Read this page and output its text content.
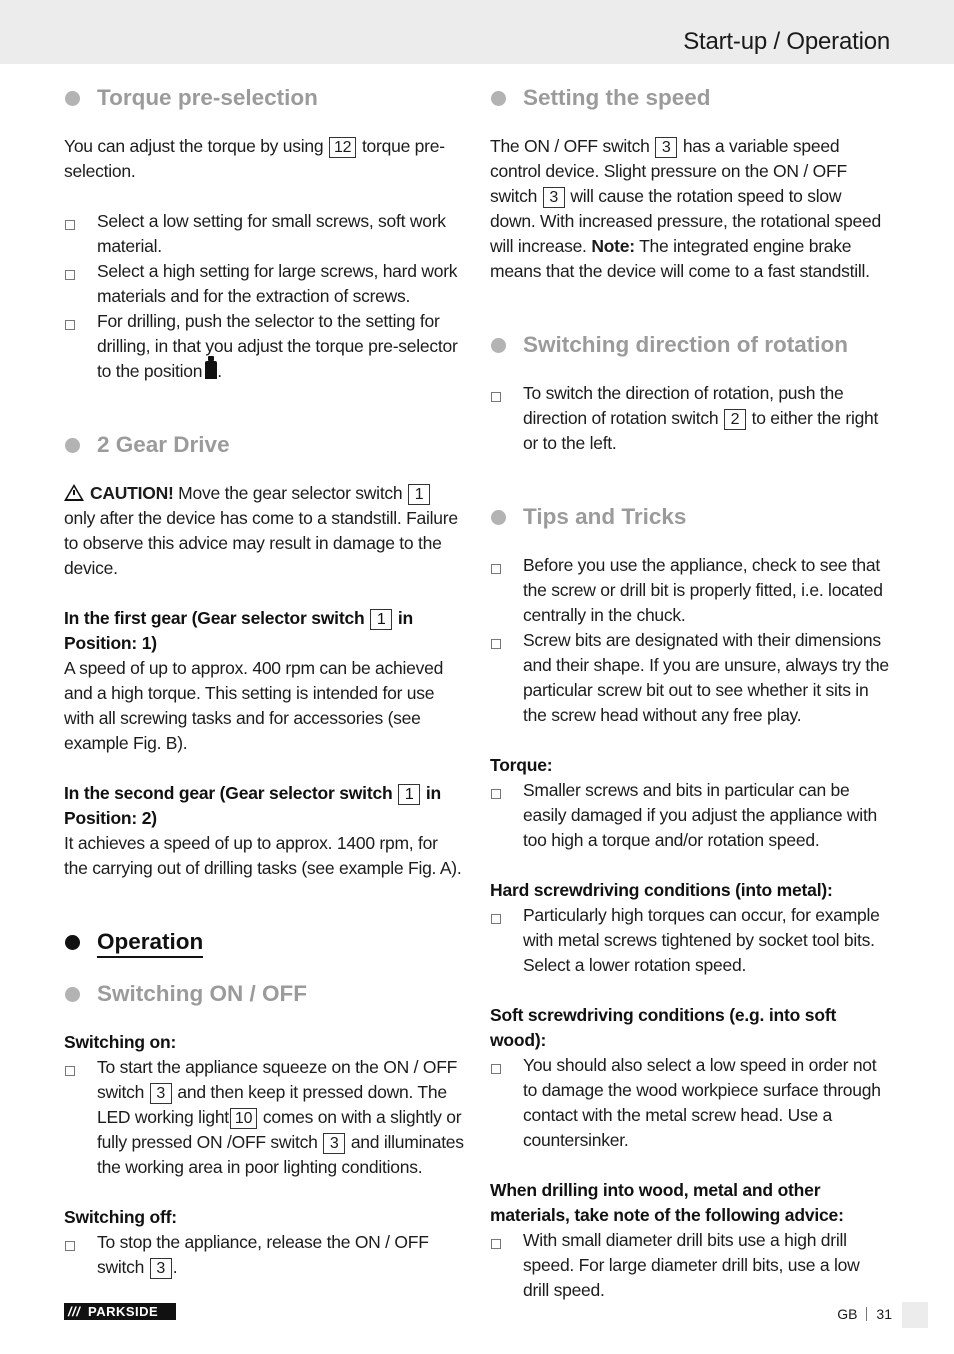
Start-up / Operation
Torque pre-selection

You can adjust the torque by using 12 torque pre-selection.

Select a low setting for small screws, soft work material.
Select a high setting for large screws, hard work materials and for the extraction of screws.
For drilling, push the selector to the setting for drilling, in that you adjust the torque pre-selector to the position .
2 Gear Drive

CAUTION! Move the gear selector switch 1 only after the device has come to a standstill. Failure to observe this advice may result in damage to the device.

In the first gear (Gear selector switch 1 in Position: 1)

A speed of up to approx. 400 rpm can be achieved and a high torque. This setting is intended for use with all screwing tasks and for accessories (see example Fig. B).

In the second gear (Gear selector switch 1 in Position: 2)

It achieves a speed of up to approx. 1400 rpm, for the carrying out of drilling tasks (see example Fig. A).

Operation
Switching ON / OFF

Switching on:

To start the appliance squeeze on the ON / OFF switch 3 and then keep it pressed down. The LED working light 10 comes on with a slightly or fully pressed ON /OFF switch 3 and illuminates the working area in poor lighting conditions.

Switching off:

To stop the appliance, release the ON / OFF switch 3 .
Setting the speed

The ON / OFF switch 3 has a variable speed control device. Slight pressure on the ON / OFF switch 3 will cause the rotation speed to slow down. With increased pressure, the rotational speed will increase. Note: The integrated engine brake means that the device will come to a fast standstill.

Switching direction of rotation
To switch the direction of rotation, push the direction of rotation switch 2 to either the right or to the left.
Tips and Tricks
Before you use the appliance, check to see that the screw or drill bit is properly fitted, i.e. located centrally in the chuck.
Screw bits are designated with their dimensions and their shape. If you are unsure, always try the particular screw bit out to see whether it sits in the screw head without any free play.

Torque:

Smaller screws and bits in particular can be easily damaged if you adjust the appliance with too high a torque and/or rotation speed.

Hard screwdriving conditions (into metal):

Particularly high torques can occur, for example with metal screws tightened by socket tool bits. Select a lower rotation speed.

Soft screwdriving conditions (e.g. into soft wood):

You should also select a low speed in order not to damage the wood workpiece surface through contact with the metal screw head. Use a countersinker.

When drilling into wood, metal and other materials, take note of the following advice:

With small diameter drill bits use a high drill speed. For large diameter drill bits, use a low drill speed.
/// PARKSIDE	GB 31
